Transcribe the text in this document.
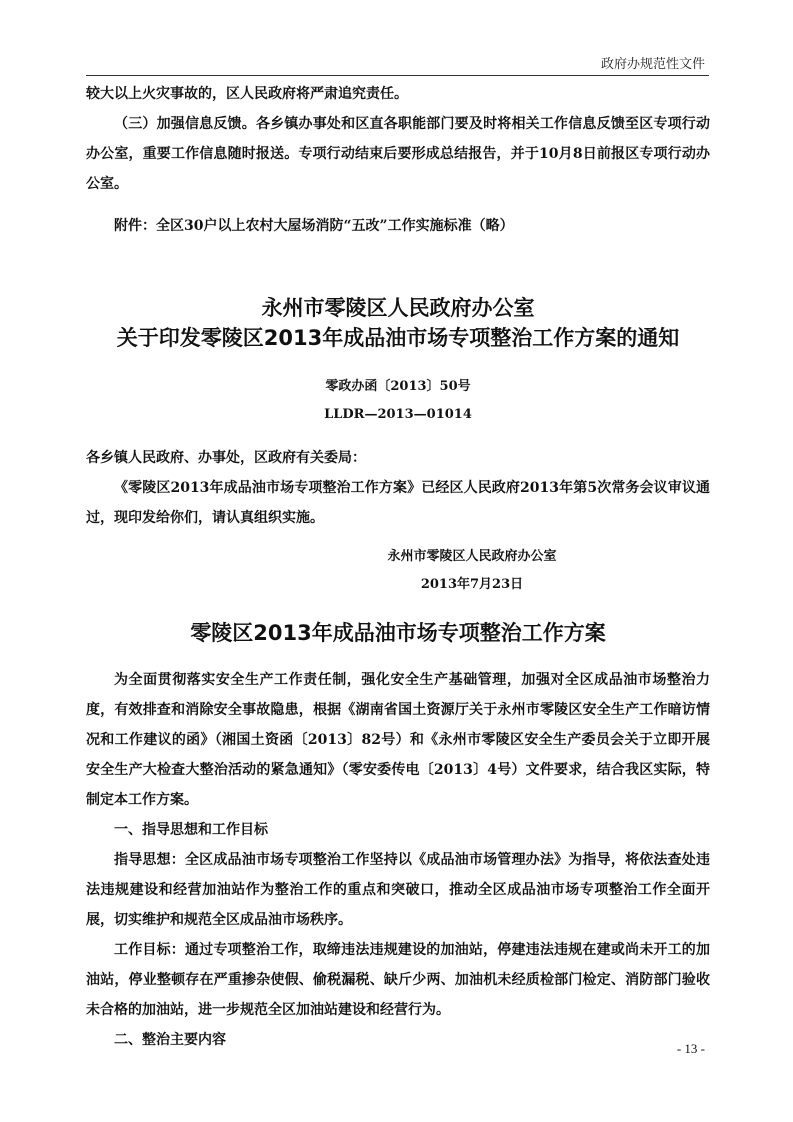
政府办规范性文件

较大以上火灾事故的，区人民政府将严肃追究责任。

（三）加强信息反馈。各乡镇办事处和区直各职能部门要及时将相关工作信息反馈至区专项行动办公室，重要工作信息随时报送。专项行动结束后要形成总结报告，并于10月8日前报区专项行动办公室。

附件：全区30户以上农村大屋场消防“五改”工作实施标准（略）

永州市零陵区人民政府办公室
关于印发零陵区2013年成品油市场专项整治工作方案的通知
零政办函〔2013〕50号
LLDR—2013—01014

各乡镇人民政府、办事处，区政府有关委局：

《零陵区2013年成品油市场专项整治工作方案》已经区人民政府2013年第5次常务会议审议通过，现印发给你们，请认真组织实施。

永州市零陵区人民政府办公室
2013年7月23日
零陵区2013年成品油市场专项整治工作方案

为全面贯彻落实安全生产工作责任制，强化安全生产基础管理，加强对全区成品油市场整治力度，有效排查和消除安全事故隐患，根据《湖南省国土资源厅关于永州市零陵区安全生产工作暗访情况和工作建议的函》（湘国土资函〔2013〕82号）和《永州市零陵区安全生产委员会关于立即开展安全生产大检查大整治活动的紧急通知》（零安委传电〔2013〕4号）文件要求，结合我区实际，特制定本工作方案。

一、指导思想和工作目标

指导思想：全区成品油市场专项整治工作坚持以《成品油市场管理办法》为指导，将依法查处违法违规建设和经营加油站作为整治工作的重点和突破口，推动全区成品油市场专项整治工作全面开展，切实维护和规范全区成品油市场秩序。

工作目标：通过专项整治工作，取缔违法违规建设的加油站，停建违法违规在建或尚未开工的加油站，停业整顿存在严重掺杂使假、偷税漏税、缺斤少两、加油机未经质检部门检定、消防部门验收未合格的加油站，进一步规范全区加油站建设和经营行为。

二、整治主要内容

- 13 -
